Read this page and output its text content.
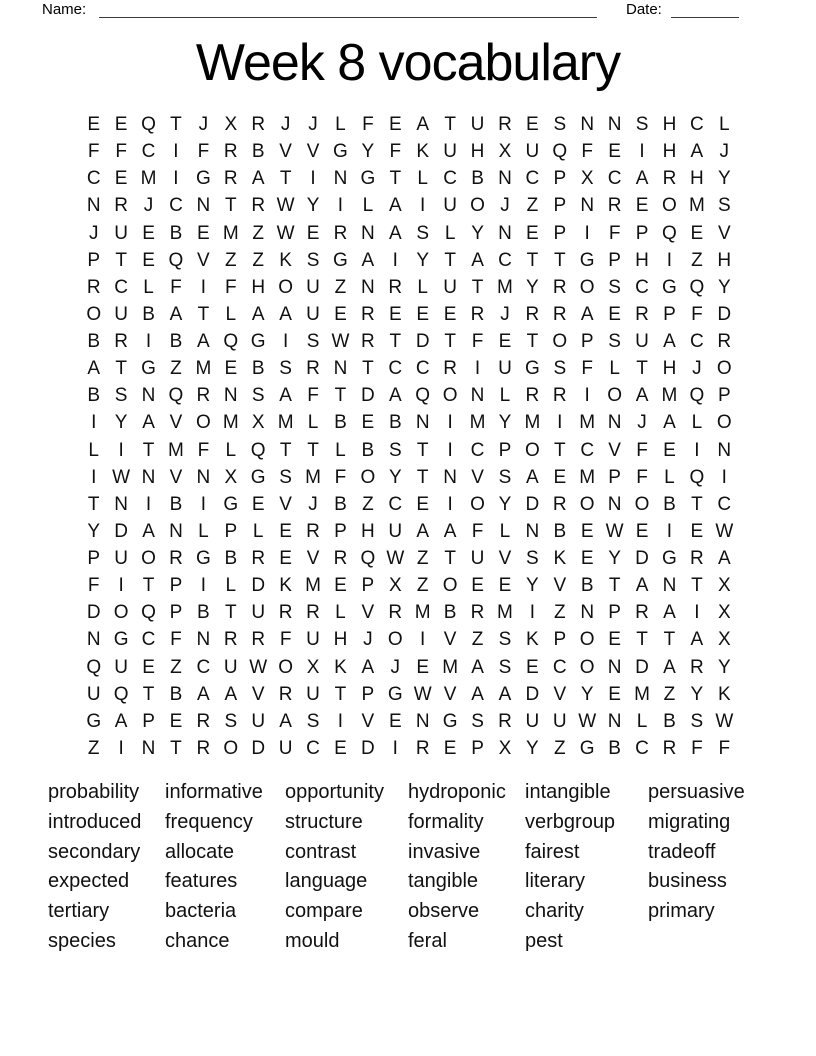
Name:	Date:
Week 8 vocabulary
E E Q T J X R J J L F E A T U R E S N N S H C L
F F C I F R B V V G Y F K U H X U Q F E I H A J
C E M I G R A T I N G T L C B N C P X C A R H Y
N R J C N T R W Y I	L A I U O J Z P N R E O M S
J U E B E M Z W E R N A S L Y N E P I F P Q E V
P T E Q V Z Z K S G A I Y T A C T T G P H I Z H
R C L F I F H O U Z N R L U T M Y R O S C G Q Y
O U B A T L A A U E R E E E R J R R A E R P F D
B R I B A Q G I S W R T D T F E T O P S U A C R
A T G Z M E B S R N T C C R I U G S F L T H J O
B S N Q R N S A F T D A Q O N L R R I O A M Q P
I Y A V O M X M L B E B N I M Y M I M N J A L O
L	I T M F L Q T T L B S T I C P O T C V F E I N
I W N V N X G S M F O Y T N V S A E M P F L Q I
T N I B I G E V J B Z C E I O Y D R O N O B T C
Y D A N L P L E R P H U A A F L N B E W E I E W
P U O R G B R E V R Q W Z T U V S K E Y D G R A
F I T P I	L D K M E P X Z O E E Y V B T A N T X
D O Q P B T U R R L V R M B R M I Z N P R A I X
N G C F N R R F U H J O I V Z S K P O E T T A X
Q U E Z C U W O X K A J E M A S E C O N D A R Y
U Q T B A A V R U T P G W V A A D V Y E M Z Y K
G A P E R S U A S I V E N G S R U U W N L B S W
Z I N T R O D U C E D I R E P X Y Z G B C R F F
probability
introduced
secondary
expected
tertiary
species
informative
frequency
allocate
features
bacteria
chance
opportunity
structure
contrast
language
compare
mould
hydroponic
formality
invasive
tangible
observe
feral
intangible
verbgroup
fairest
literary
charity
pest
persuasive
migrating
tradeoff
business
primary
